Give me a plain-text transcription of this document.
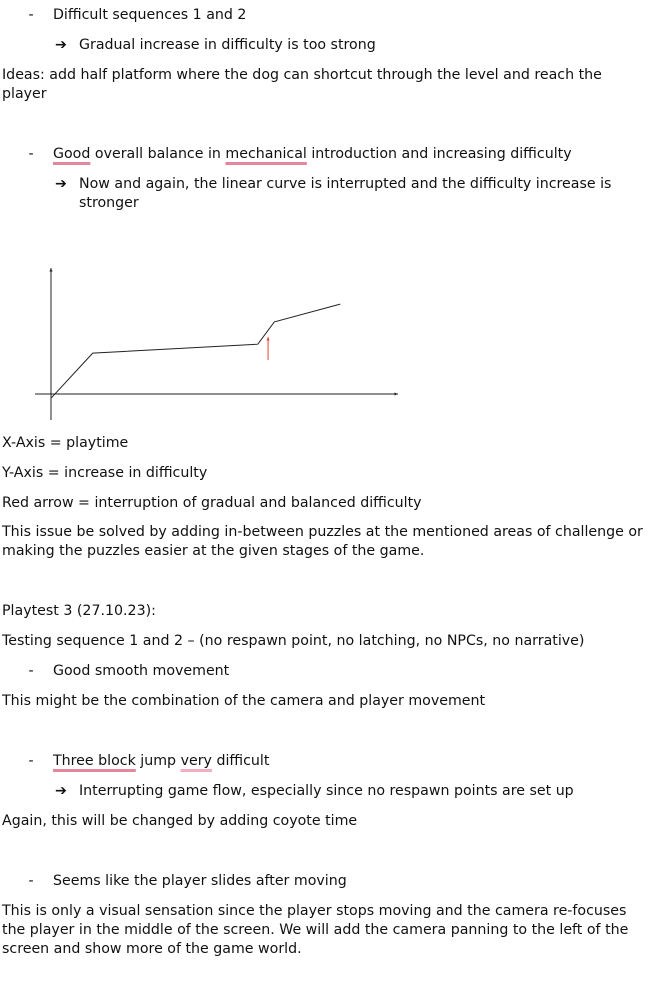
-	Difficult sequences 1 and 2
➔ Gradual increase in difficulty is too strong
Ideas: add half platform where the dog can shortcut through the level and reach the player
-	Good overall balance in mechanical introduction and increasing difficulty
➔ Now and again, the linear curve is interrupted and the difficulty increase is
stronger
X-Axis = playtime
Y-Axis = increase in difficulty
Red arrow = interruption of gradual and balanced difficulty
This issue be solved by adding in-between puzzles at the mentioned areas of challenge or making the puzzles easier at the given stages of the game.
Playtest 3 (27.10.23):
Testing sequence 1 and 2 – (no respawn point, no latching, no NPCs, no narrative)
-	Good smooth movement
This might be the combination of the camera and player movement
-	Three block jump very difficult
➔ Interrupting game flow, especially since no respawn points are set up
Again, this will be changed by adding coyote time
-	Seems like the player slides after moving
This is only a visual sensation since the player stops moving and the camera re-focuses the player in the middle of the screen. We will add the camera panning to the left of the screen and show more of the game world.
